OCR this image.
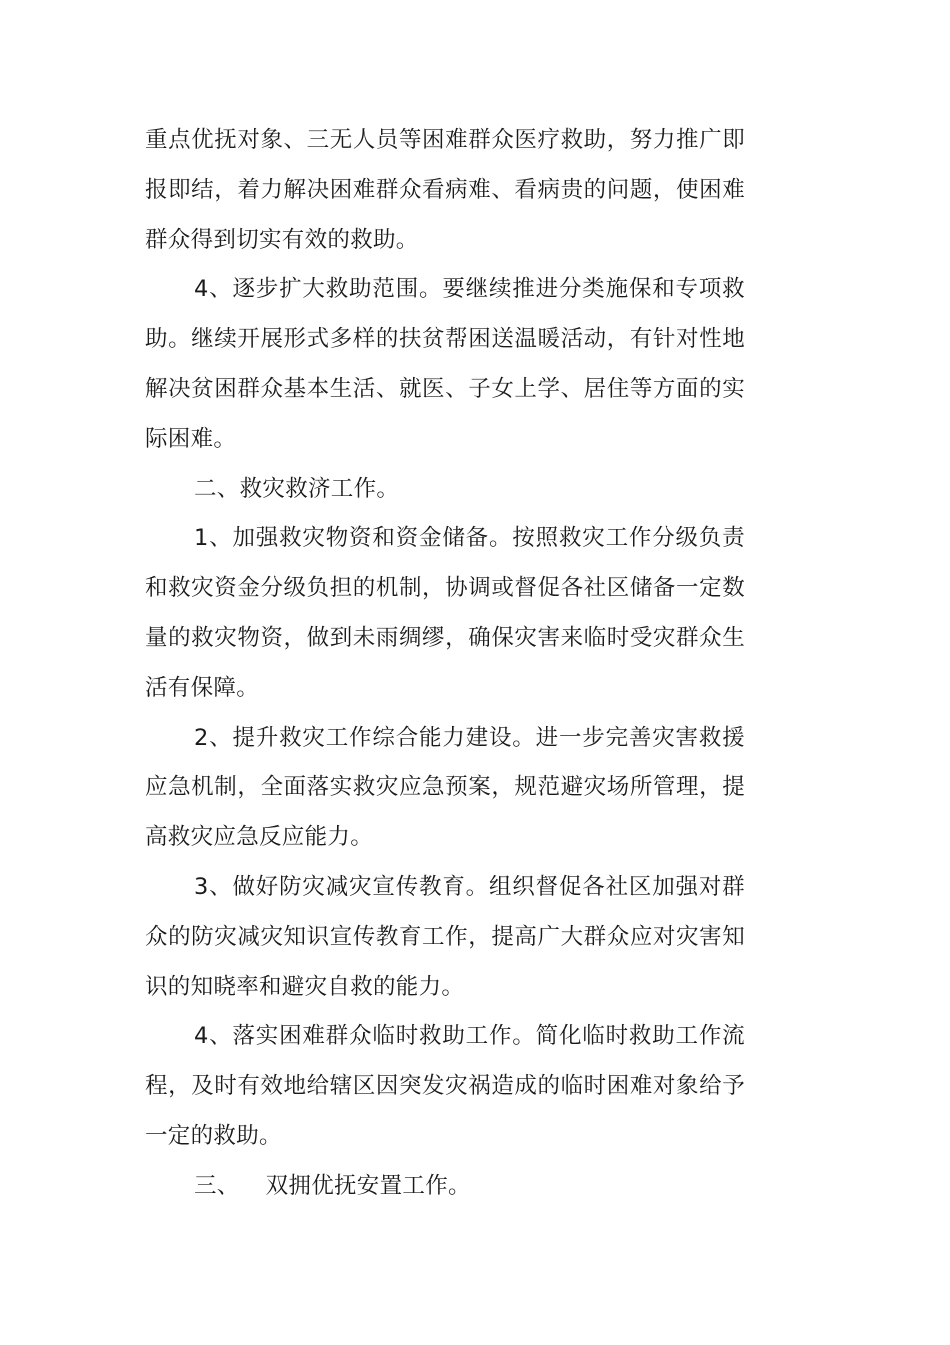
重点优抚对象、三无人员等困难群众医疗救助，努力推广即报即结，着力解决困难群众看病难、看病贵的问题，使困难群众得到切实有效的救助。

4、逐步扩大救助范围。要继续推进分类施保和专项救助。继续开展形式多样的扶贫帮困送温暖活动，有针对性地解决贫困群众基本生活、就医、子女上学、居住等方面的实际困难。

二、救灾救济工作。

1、加强救灾物资和资金储备。按照救灾工作分级负责和救灾资金分级负担的机制，协调或督促各社区储备一定数量的救灾物资，做到未雨绸缪，确保灾害来临时受灾群众生活有保障。

2、提升救灾工作综合能力建设。进一步完善灾害救援应急机制，全面落实救灾应急预案，规范避灾场所管理，提高救灾应急反应能力。

3、做好防灾减灾宣传教育。组织督促各社区加强对群众的防灾减灾知识宣传教育工作，提高广大群众应对灾害知识的知晓率和避灾自救的能力。

4、落实困难群众临时救助工作。简化临时救助工作流程，及时有效地给辖区因突发灾祸造成的临时困难对象给予一定的救助。

三、 双拥优抚安置工作。
